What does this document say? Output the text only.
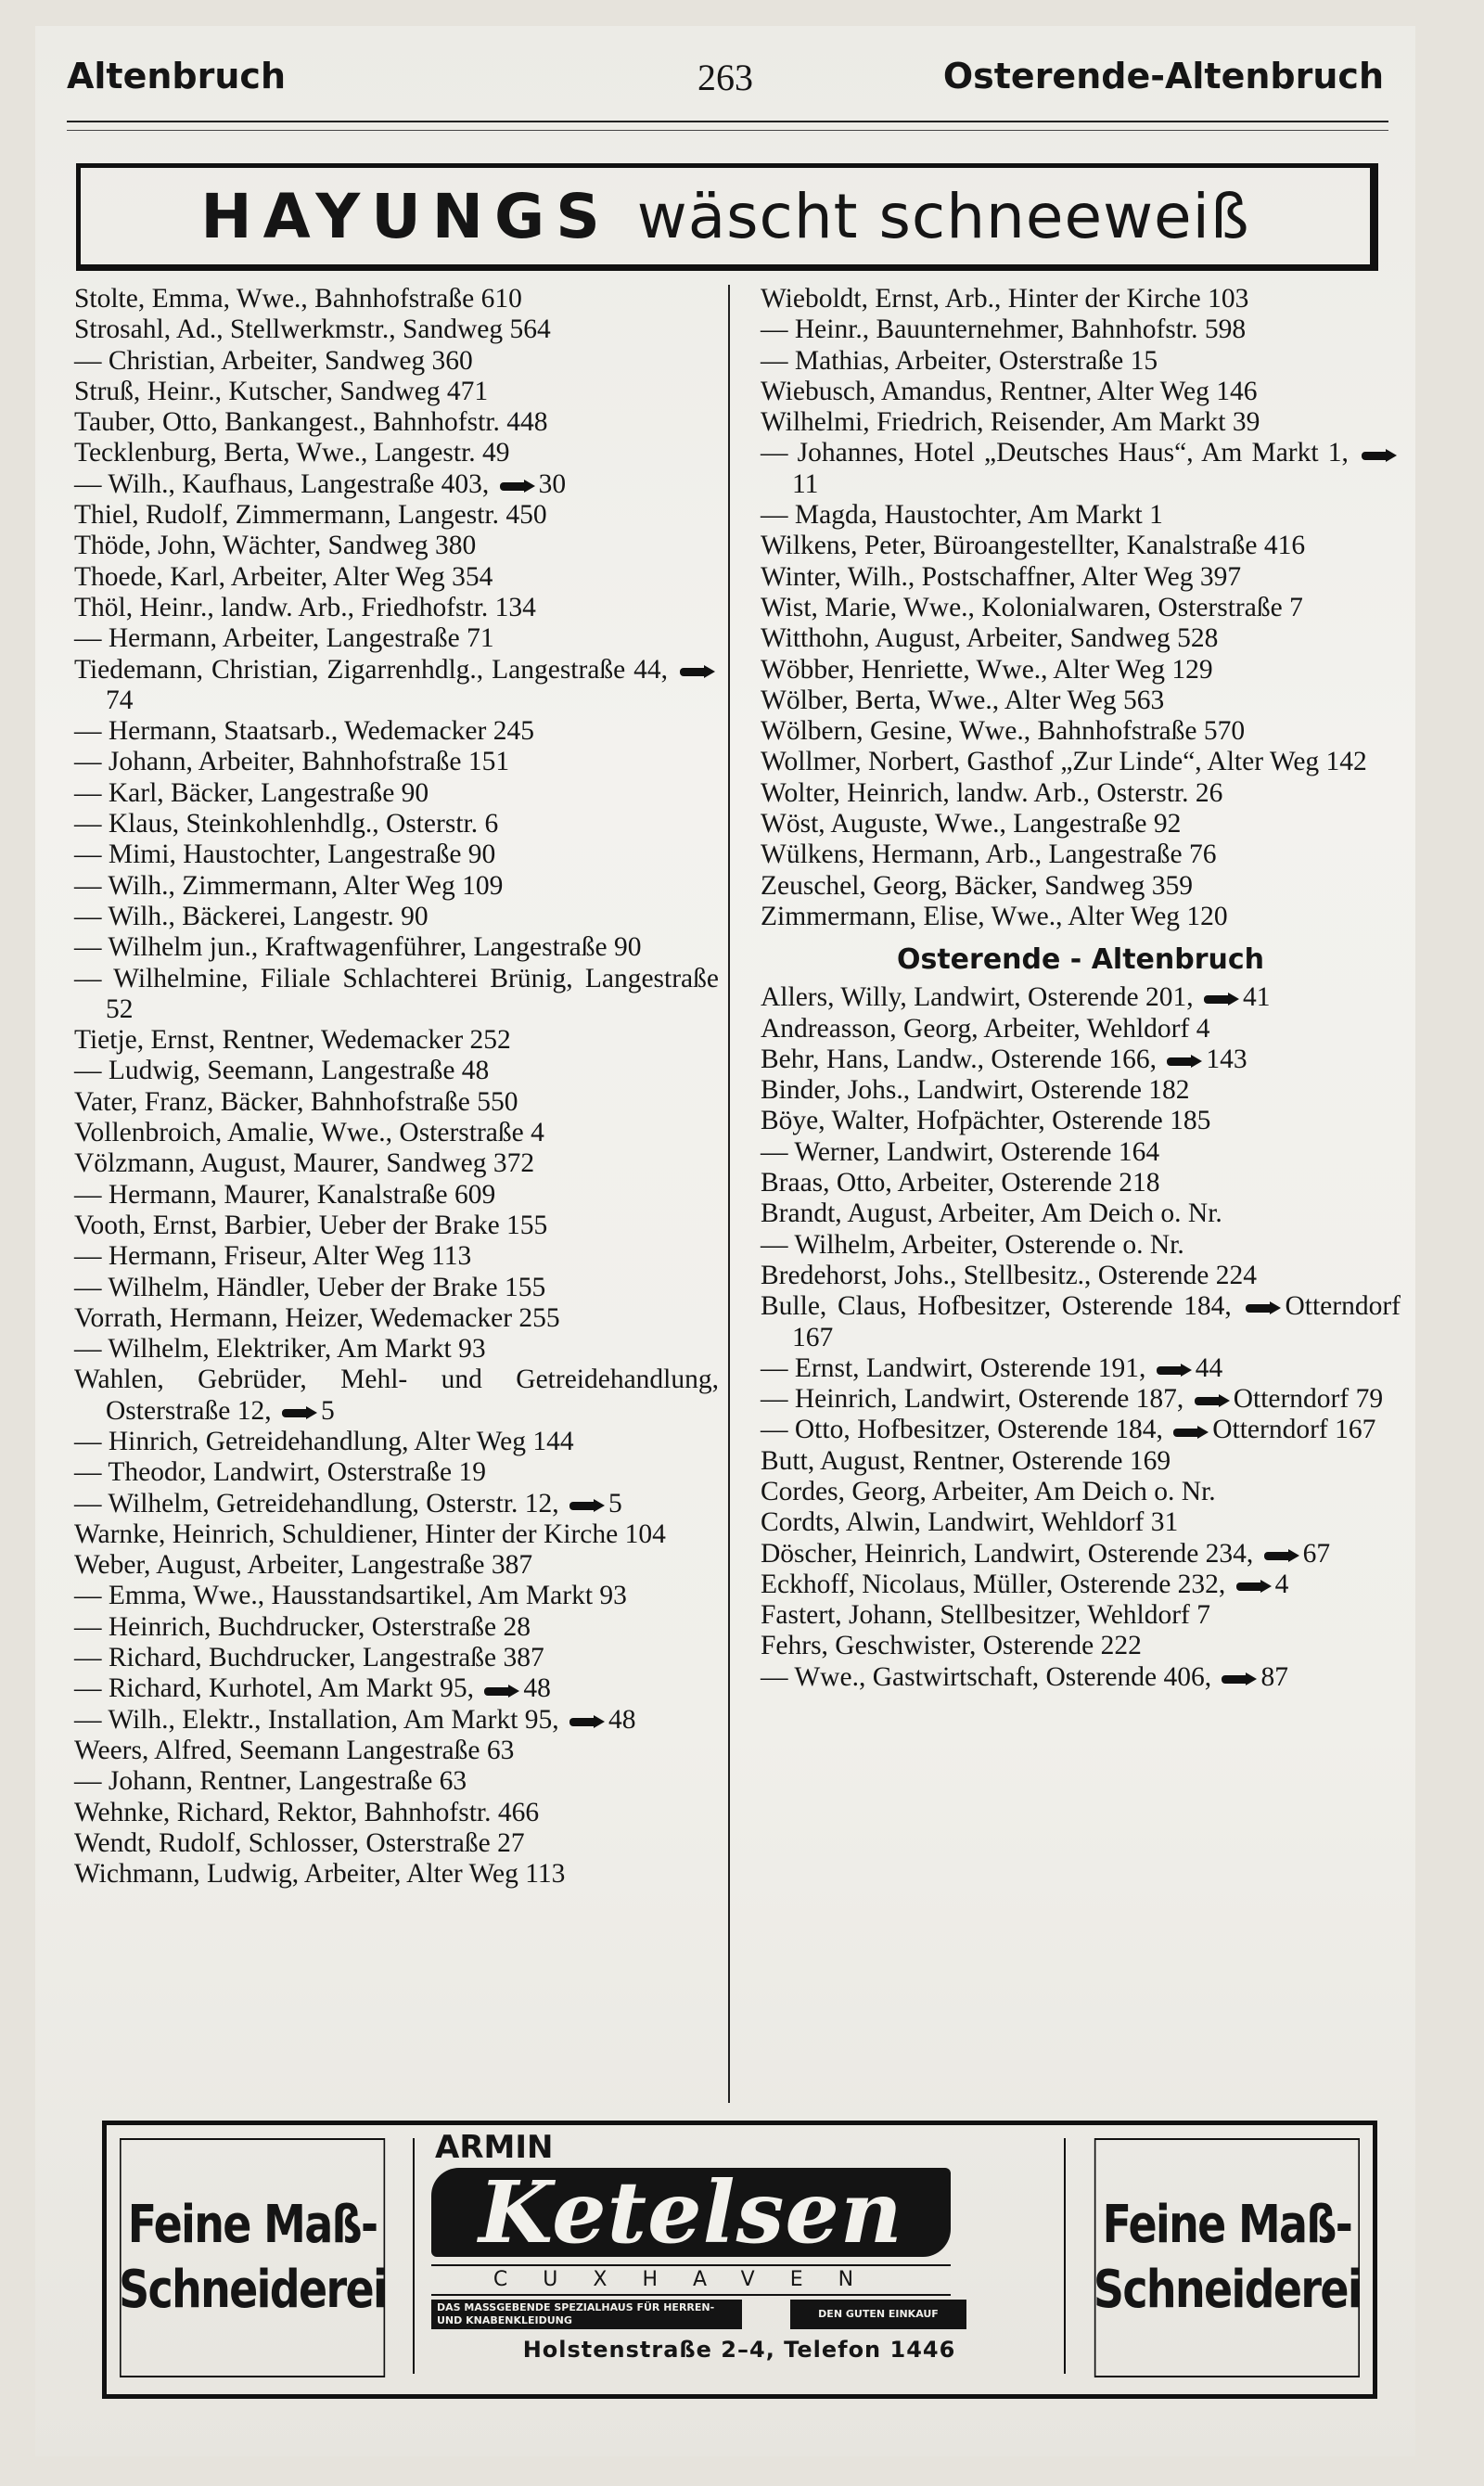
Altenbruch	263	Osterende-Altenbruch
HAYUNGS wäscht schneeweiß

Stolte, Emma, Wwe., Bahnhofstraße 610

Strosahl, Ad., Stellwerkmstr., Sandweg 564

— Christian, Arbeiter, Sandweg 360

Struß, Heinr., Kutscher, Sandweg 471

Tauber, Otto, Bankangest., Bahnhofstr. 448

Tecklenburg, Berta, Wwe., Langestr. 49

— Wilh., Kaufhaus, Langestraße 403, 30

Thiel, Rudolf, Zimmermann, Langestr. 450

Thöde, John, Wächter, Sandweg 380

Thoede, Karl, Arbeiter, Alter Weg 354

Thöl, Heinr., landw. Arb., Friedhofstr. 134

— Hermann, Arbeiter, Langestraße 71

Tiedemann, Christian, Zigarrenhdlg., Langestraße 44, 74

— Hermann, Staatsarb., Wedemacker 245

— Johann, Arbeiter, Bahnhofstraße 151

— Karl, Bäcker, Langestraße 90

— Klaus, Steinkohlenhdlg., Osterstr. 6

— Mimi, Haustochter, Langestraße 90

— Wilh., Zimmermann, Alter Weg 109

— Wilh., Bäckerei, Langestr. 90

— Wilhelm jun., Kraftwagenführer, Langestraße 90

— Wilhelmine, Filiale Schlachterei Brünig, Langestraße 52

Tietje, Ernst, Rentner, Wedemacker 252

— Ludwig, Seemann, Langestraße 48

Vater, Franz, Bäcker, Bahnhofstraße 550

Vollenbroich, Amalie, Wwe., Osterstraße 4

Völzmann, August, Maurer, Sandweg 372

— Hermann, Maurer, Kanalstraße 609

Vooth, Ernst, Barbier, Ueber der Brake 155

— Hermann, Friseur, Alter Weg 113

— Wilhelm, Händler, Ueber der Brake 155

Vorrath, Hermann, Heizer, Wedemacker 255

— Wilhelm, Elektriker, Am Markt 93

Wahlen, Gebrüder, Mehl- und Getreidehandlung, Osterstraße 12, 5

— Hinrich, Getreidehandlung, Alter Weg 144

— Theodor, Landwirt, Osterstraße 19

— Wilhelm, Getreidehandlung, Osterstr. 12, 5

Warnke, Heinrich, Schuldiener, Hinter der Kirche 104

Weber, August, Arbeiter, Langestraße 387

— Emma, Wwe., Hausstandsartikel, Am Markt 93

— Heinrich, Buchdrucker, Osterstraße 28

— Richard, Buchdrucker, Langestraße 387

— Richard, Kurhotel, Am Markt 95, 48

— Wilh., Elektr., Installation, Am Markt 95, 48

Weers, Alfred, Seemann Langestraße 63

— Johann, Rentner, Langestraße 63

Wehnke, Richard, Rektor, Bahnhofstr. 466

Wendt, Rudolf, Schlosser, Osterstraße 27

Wichmann, Ludwig, Arbeiter, Alter Weg 113

Wieboldt, Ernst, Arb., Hinter der Kirche 103

— Heinr., Bauunternehmer, Bahnhofstr. 598

— Mathias, Arbeiter, Osterstraße 15

Wiebusch, Amandus, Rentner, Alter Weg 146

Wilhelmi, Friedrich, Reisender, Am Markt 39

— Johannes, Hotel „Deutsches Haus“, Am Markt 1, 11

— Magda, Haustochter, Am Markt 1

Wilkens, Peter, Büroangestellter, Kanalstraße 416

Winter, Wilh., Postschaffner, Alter Weg 397

Wist, Marie, Wwe., Kolonialwaren, Osterstraße 7

Witthohn, August, Arbeiter, Sandweg 528

Wöbber, Henriette, Wwe., Alter Weg 129

Wölber, Berta, Wwe., Alter Weg 563

Wölbern, Gesine, Wwe., Bahnhofstraße 570

Wollmer, Norbert, Gasthof „Zur Linde“, Alter Weg 142

Wolter, Heinrich, landw. Arb., Osterstr. 26

Wöst, Auguste, Wwe., Langestraße 92

Wülkens, Hermann, Arb., Langestraße 76

Zeuschel, Georg, Bäcker, Sandweg 359

Zimmermann, Elise, Wwe., Alter Weg 120

Osterende - Altenbruch

Allers, Willy, Landwirt, Osterende 201, 41

Andreasson, Georg, Arbeiter, Wehldorf 4

Behr, Hans, Landw., Osterende 166, 143

Binder, Johs., Landwirt, Osterende 182

Böye, Walter, Hofpächter, Osterende 185

— Werner, Landwirt, Osterende 164

Braas, Otto, Arbeiter, Osterende 218

Brandt, August, Arbeiter, Am Deich o. Nr.

— Wilhelm, Arbeiter, Osterende o. Nr.

Bredehorst, Johs., Stellbesitz., Osterende 224

Bulle, Claus, Hofbesitzer, Osterende 184, Otterndorf 167

— Ernst, Landwirt, Osterende 191, 44

— Heinrich, Landwirt, Osterende 187, Otterndorf 79

— Otto, Hofbesitzer, Osterende 184, Otterndorf 167

Butt, August, Rentner, Osterende 169

Cordes, Georg, Arbeiter, Am Deich o. Nr.

Cordts, Alwin, Landwirt, Wehldorf 31

Döscher, Heinrich, Landwirt, Osterende 234, 67

Eckhoff, Nicolaus, Müller, Osterende 232, 4

Fastert, Johann, Stellbesitzer, Wehldorf 7

Fehrs, Geschwister, Osterende 222

— Wwe., Gastwirtschaft, Osterende 406, 87

Feine Maß-
Schneiderei
ARMIN
Ketelsen
CUXHAVEN
DAS MASSGEBENDE SPEZIALHAUS FÜR HERREN- UND KNABENKLEIDUNG
DEN GUTEN EINKAUF
Holstenstraße 2–4, Telefon 1446
Feine Maß-
Schneiderei
